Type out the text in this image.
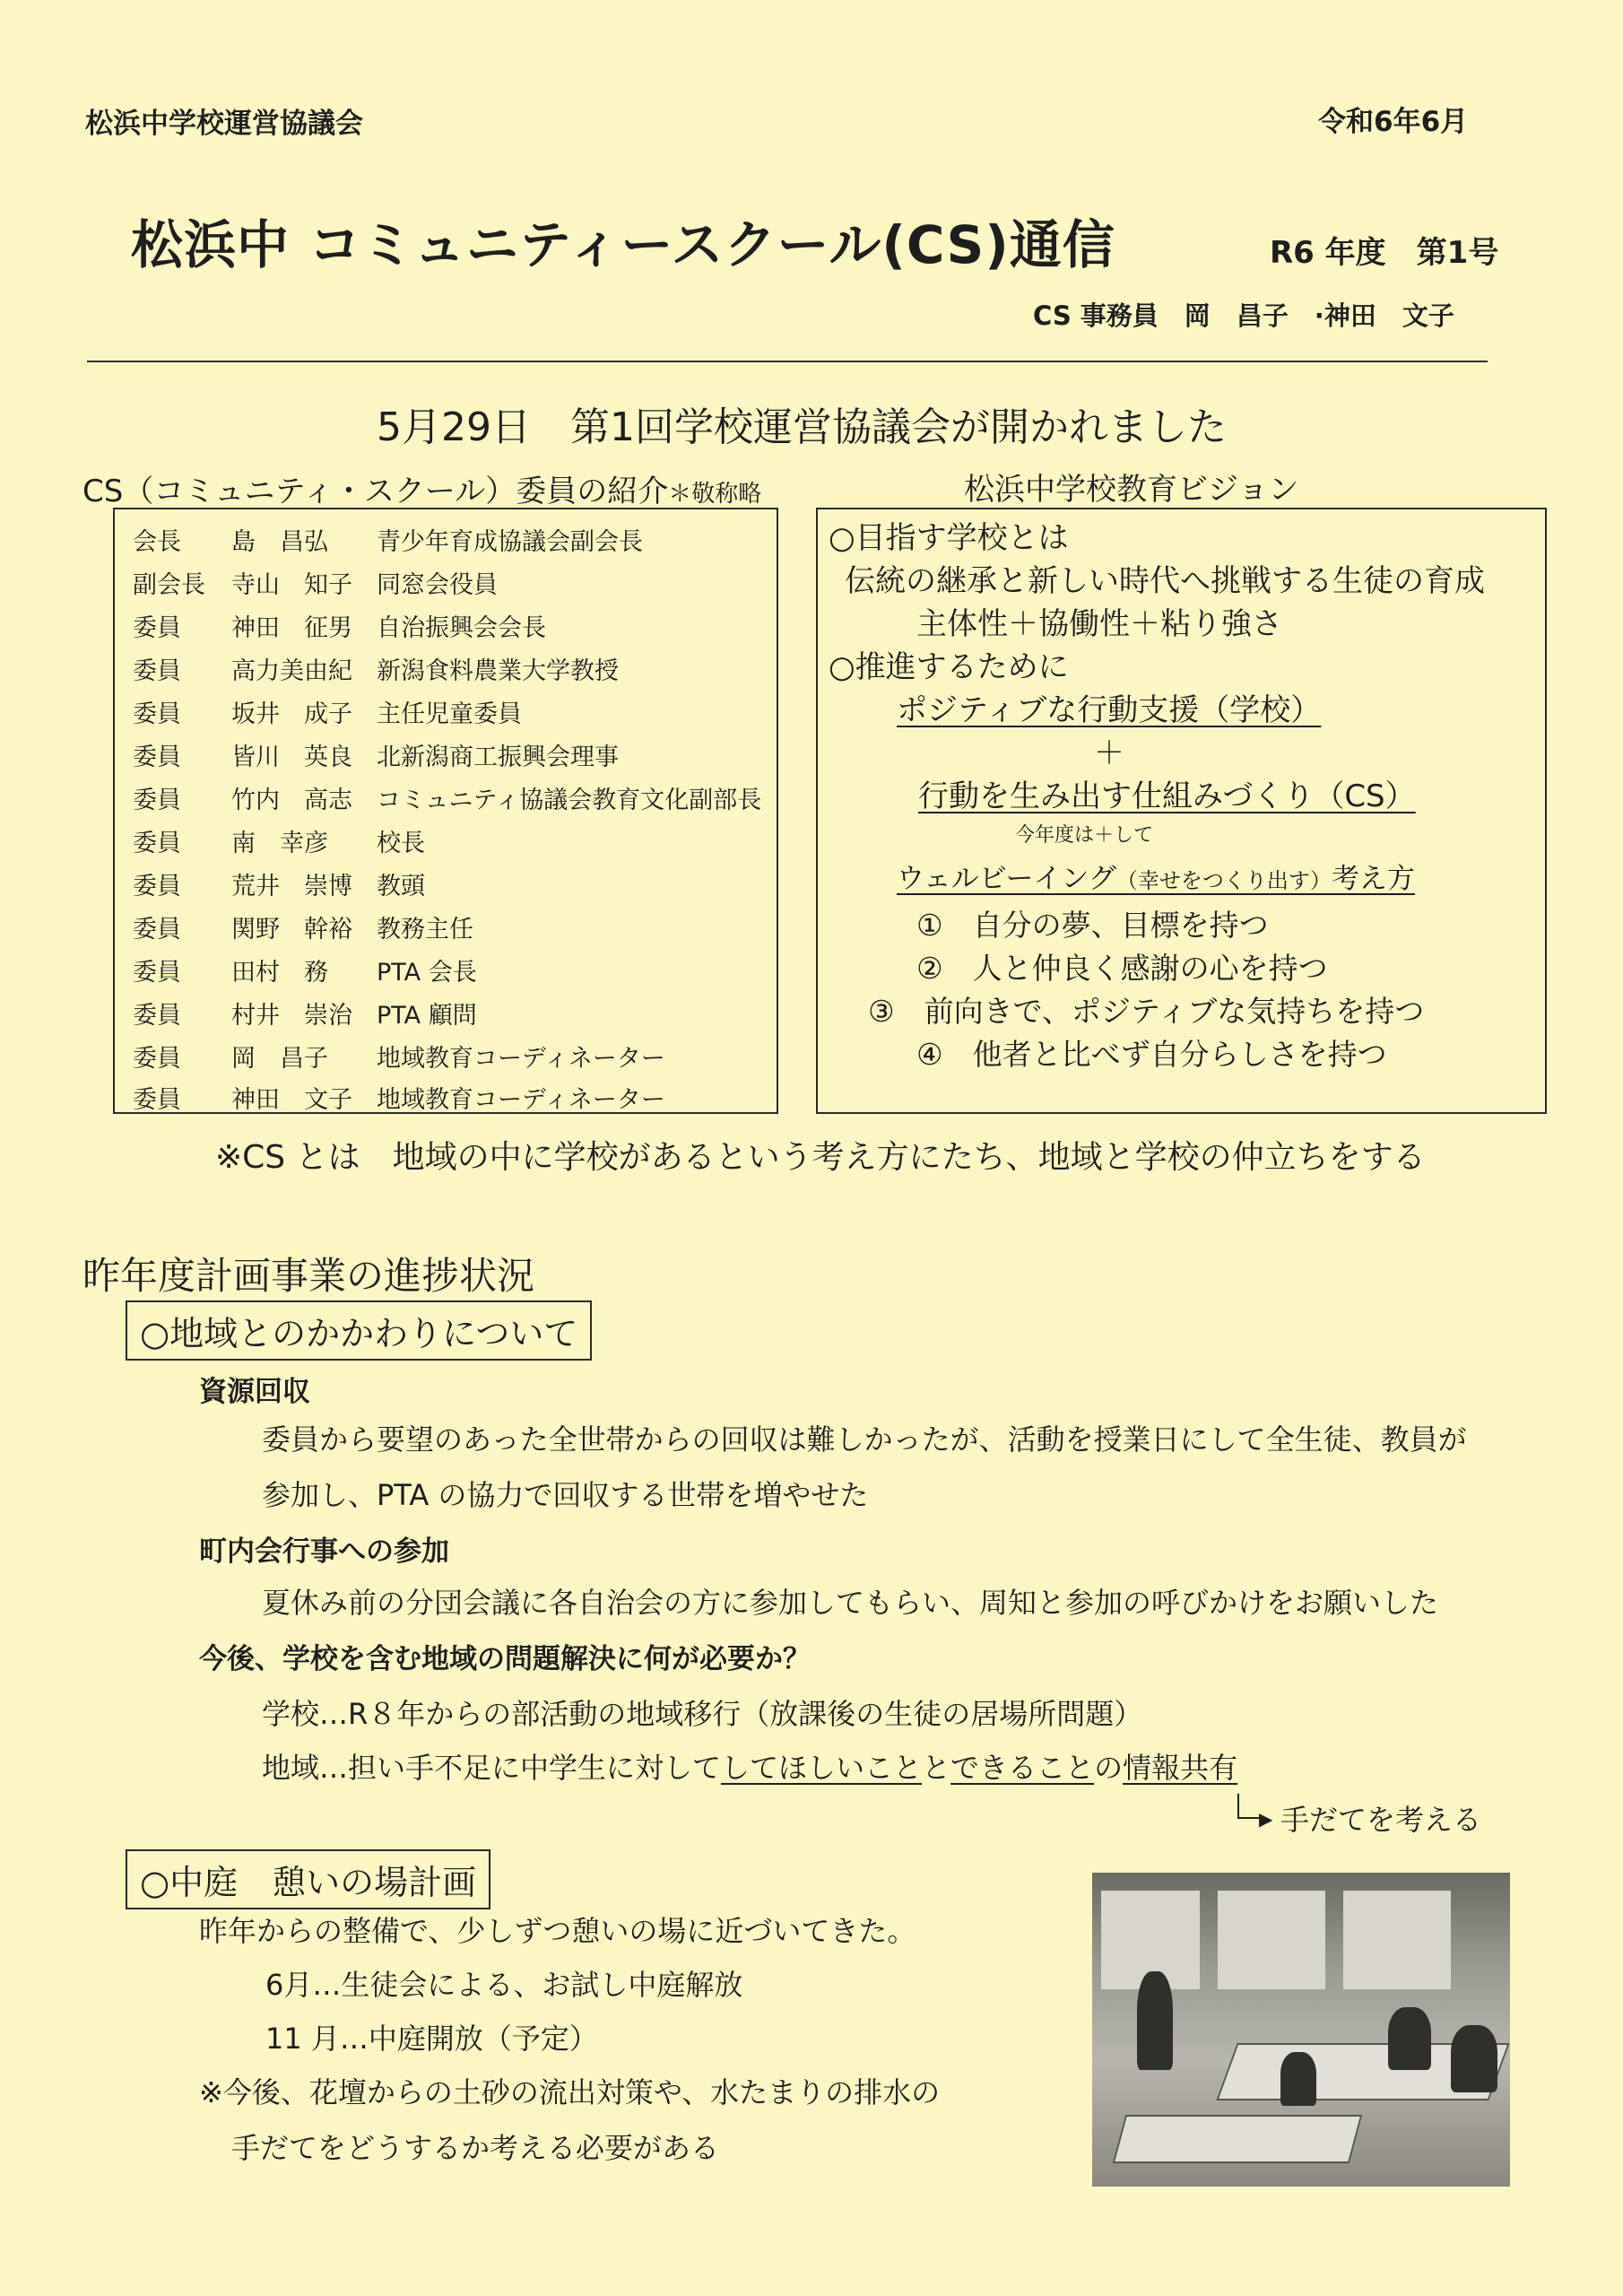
松浜中学校運営協議会	令和6年6月
松浜中 コミュニティースクール(CS)通信	R6 年度　第1号
CS 事務員　岡　昌子　·神田　文子
5月29日　第1回学校運営協議会が開かれました
CS（コミュニティ・スクール）委員の紹介＊敬称略	松浜中学校教育ビジョン
会長	島　昌弘	青少年育成協議会副会長
副会長	寺山　知子	同窓会役員
委員	神田　征男	自治振興会会長
委員	高力美由紀	新潟食料農業大学教授
委員	坂井　成子	主任児童委員
委員	皆川　英良	北新潟商工振興会理事
委員	竹内　高志	コミュニティ協議会教育文化副部長
委員	南　幸彦	校長
委員	荒井　崇博	教頭
委員	関野　幹裕	教務主任
委員	田村　務	PTA 会長
委員	村井　崇治	PTA 顧問
委員	岡　昌子	地域教育コーディネーター
委員	神田　文子	地域教育コーディネーター
○目指す学校とは
伝統の継承と新しい時代へ挑戦する生徒の育成
主体性＋協働性＋粘り強さ
○推進するために
ポジティブな行動支援（学校）
＋
行動を生み出す仕組みづくり（CS）
今年度は＋して
ウェルビーイング（幸せをつくり出す）考え方
①　自分の夢、目標を持つ
②　人と仲良く感謝の心を持つ
③　前向きで、ポジティブな気持ちを持つ
④　他者と比べず自分らしさを持つ
※CS とは　地域の中に学校があるという考え方にたち、地域と学校の仲立ちをする
昨年度計画事業の進捗状況
○地域とのかかわりについて
資源回収
委員から要望のあった全世帯からの回収は難しかったが、活動を授業日にして全生徒、教員が
参加し、PTA の協力で回収する世帯を増やせた
町内会行事への参加
夏休み前の分団会議に各自治会の方に参加してもらい、周知と参加の呼びかけをお願いした
今後、学校を含む地域の問題解決に何が必要か？
学校…R８年からの部活動の地域移行（放課後の生徒の居場所問題）
地域…担い手不足に中学生に対してしてほしいこととできることの情報共有
▶ 手だてを考える
○中庭　憩いの場計画
昨年からの整備で、少しずつ憩いの場に近づいてきた。
6月…生徒会による、お試し中庭解放
11 月…中庭開放（予定）
※今後、花壇からの土砂の流出対策や、水たまりの排水の
手だてをどうするか考える必要がある
